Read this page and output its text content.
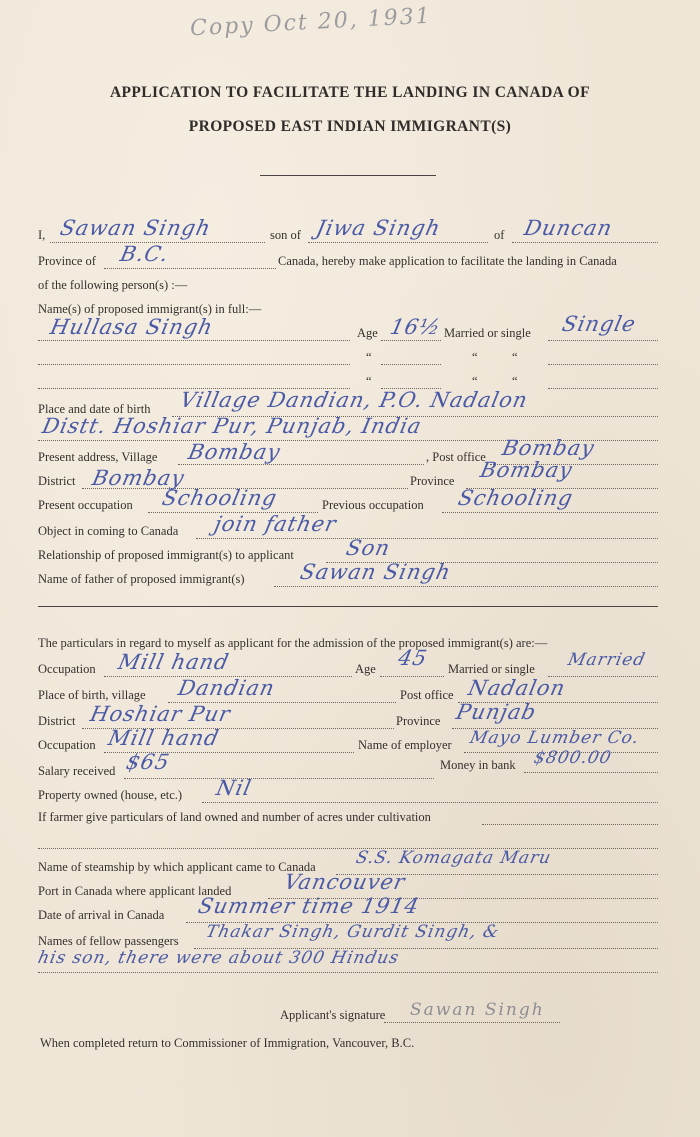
Copy Oct 20, 1931
APPLICATION TO FACILITATE THE LANDING IN CANADA OF
PROPOSED EAST INDIAN IMMIGRANT(S)
I, Sawan Singh	son of Jiwa Singh	of Duncan
Province of B.C.	Canada, hereby make application to facilitate the landing in Canada
of the following person(s) :—
Name(s) of proposed immigrant(s) in full:—
Hullasa Singh	Age 16½ Married or single Single
“	“	“
“	“	“
Place and date of birth Village Dandian, P.O. Nadalon
Distt. Hoshiar Pur, Punjab, India
Present address, Village Bombay	, Post office Bombay
District Bombay	Province Bombay
Present occupation Schooling	Previous occupation Schooling
Object in coming to Canada join father
Relationship of proposed immigrant(s) to applicant Son
Name of father of proposed immigrant(s)	Sawan Singh
The particulars in regard to myself as applicant for the admission of the proposed immigrant(s) are:—
Occupation Mill hand	Age 45 Married or single Married
Place of birth, village Dandian	Post office Nadalon
District Hoshiar Pur	Province Punjab
Occupation Mill hand	Name of employer Mayo Lumber Co.
Salary received $65	Money in bank $800.00
Property owned (house, etc.) Nil
If farmer give particulars of land owned and number of acres under cultivation
Name of steamship by which applicant came to Canada S.S. Komagata Maru
Port in Canada where applicant landed Vancouver
Date of arrival in Canada Summer time 1914
Names of fellow passengers Thakar Singh, Gurdit Singh, &
his son, there were about 300 Hindus
Applicant's signature Sawan Singh
When completed return to Commissioner of Immigration, Vancouver, B.C.
